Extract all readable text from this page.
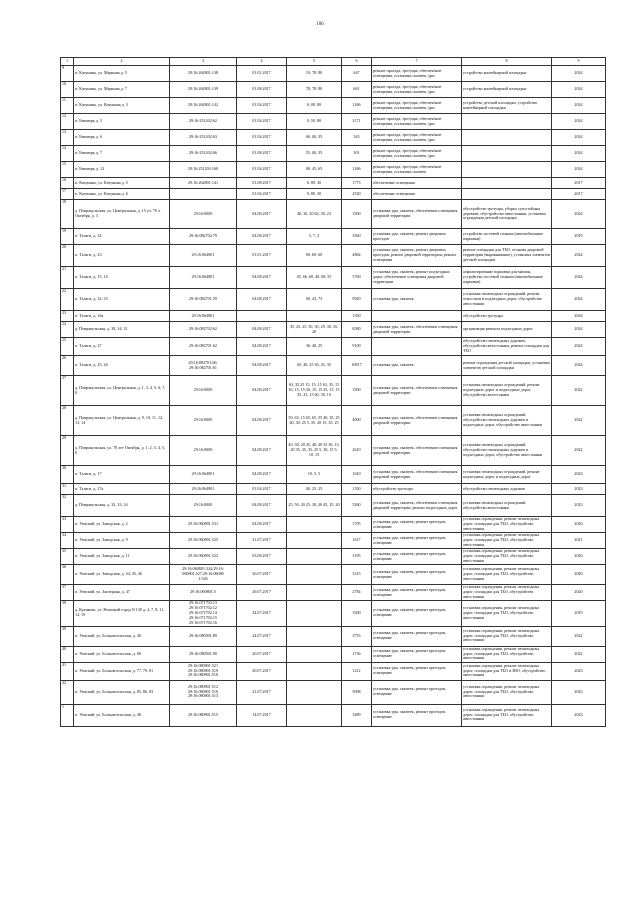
106
1	2	3	4	5	6	7	8	9
9	п. Катунино, ул. Марьина д. 5	29:16:264801:138	01.01.2017	10, 78, 80	647	ремонт проезда, тротуара, обеспечение освещения, установка скамеек, урн	устройство контейнерной площадки	2024
10	п. Катунино, ул. Марьина д. 7	29:16:264801:139	01.08.2017	78, 78, 80	661	ремонт проезда, тротуара, обеспечение освещения, установка скамеек, урн	устройство контейнерной площадки	2024
11	п. Катунино, ул. Катунина д. 3	29:16:264801:142	01.04.2017	0, 00, 80	1266	ремонт проезда, тротуара, обеспечение освещения, установка скамеек, урн	устройство детской площадки, устройство контейнерной площадки	2024
12	п. Бековерь д. 5	29:16:251202:62	01.04.2017	0, 50, 80	2171	ремонт проезда, тротуара, обеспечение освещения, установка скамеек, урн		2024
13	п. Бековерь д. 6	29:16:251202:63	01.04.2017	60, 00, 35	345	ремонт проезда, тротуара, обеспечение освещения, установка скамеек, урн		2024
14	п. Бековерь д. 7	29:16:251202:66	01.08.2017	55, 00, 35	301	ремонт проезда, тротуара, обеспечение освещения, установка скамеек, урн		2024
15	п. Бековерь д. 12	29:16:251203:160	01.04.2017	00, 45, 65	1266	ремонт проезда, тротуара, обеспечение освещения, установка скамеек		2024
16	п. Катунино, ул. Катунина д. 5	29:16:264801:141	01.08.2017	0, 80, 30	1773	обеспечение освещения		2017
17	п. Катунино, ул. Катунина д. 6		01.04.2017	0, 80, 30	2530	обеспечение освещения		2017
18	д. Повракульская, ул. Центральная, д. 15 ул. 70 л. Октября, д. 3	29:16:0000	04.08.2017	40, 30, 20 63, 30, 23	3300	установка урн, скамеек, обеспечение освещения дворовой территории	обустройство тротуара, уборка сухостойных деревьев, обустройство автостоянки, установка ограждения детской площадки	2024
19	п. Талаги, д. 34	29:16:082702:79	04.08.2017	5, 7, 3	3560	установка урн, скамеек, ремонт дворовых проездов	устройство гостевой стоянки (автомобильные парковки)	2019
20	п. Талаги, д. 23	29:16:064801	01.01.2017	00, 69, 60	4864	установка урн, скамеек, ремонт дворовых проездов, ремонт дворовой территории, ремонт освещения	ремонт площадки для ТБО, отсыпка дворовой территории (выравнивание), установка элементов детской площадки	2024
21	п. Талаги, д. 15, 16	29:16:064801	04.08.2017	45, 66, 60, 40, 68, 55	5760	установка урн, скамеек, ремонт подъездных дорог, обеспечение освещения дворовой территории	асфальтирование парковки для машин, устройство гостевой стоянки (автомобильные парковки)	2024
22	п. Талаги, д. 32, 33	29:16:082701:59	04.08.2017	00, 43, 73	9920	установка урн, скамеек	установка пешеходных ограждений, ремонт отмостков и подъездных дорог, обустройство автостоянки	2024
23	п. Талаги, д. 16а	29:16:064801			1350		обустройство тротуара	2024
24	д. Повракульская, д. 39, 34, 31	29:16:082702:62	04.08.2017	35, 25, 25, 50, 30, 29, 30, 35, 20	6580	установка урн, скамеек, обеспечение освещения дворовой территории	организация ремонта подъездных дорог	2024
25	п. Талаги, д. 27	29:16:082701:62	04.08.2017	36, 40, 25	9100		обустройство пешеходных дорожек, обустройство автостоянки, ремонт площадки для ТБО	2024
26	п. Талаги, д. 25, 26	29:16:082701:60;
29:16:082701:61	04.08.2017	65, 40, 25 30, 45, 35	10817	установка урн, скамеек	ремонт ограждения детской площадки, установка элементов детской площадки	2024
27	д. Повракульская, ул. Центральная, д. 1, 3, 4, 5, 6, 7, 8	29:16:0000	04.08.2017	63, 35,25 15, 15, 15 63, 35, 15 30, 15, 15 30, 15, 15 35, 15, 15 35, 25, 15 60, 30, 10	3300	установка урн, скамеек, обеспечение освещения дворовой территории	установка пешеходных ограждений, ремонт подъездных дорог и подъездных дорог, обустройство автостоянки	2022
28	д. Повракульская, ул. Центральная, д. 9, 10, 11, 12, 13, 14	29:16:0000	04.08.2017	50, 65, 15 65, 65, 55 40, 35, 25 40, 30, 25 5, 35, 20 15, 35, 25	4000	установка урн, скамеек, обеспечение освещения дворовой территории	установка пешеходных ограждений, обустройство пешеходных дорожек и подъездных дорог, обустройство автостоянки	2022
29	д. Повракульская, ул. 70 лет Октября, д. 1, 2, 3, 4, 5, 6	29:16:0000	04.08.2017	40, 30, 20 45, 40, 40 35 30, 15, 20 35, 35, 35, 25 5, 30, 15 5, 10, 15	2610	установка урн, скамеек, обеспечение освещения дворовой территории	установка пешеходных ограждений, обустройство пешеходных дорожек и подъездных дорог, обустройство автостоянки	2022
30	п. Талаги, д. 17	29:16:064801	04.08.2017	10, 5, 5	1610	установка урн, скамеек, обеспечение освещения дворовой территории	установка пешеходных ограждений, ремонт подъездных дорог и подъездных дорог	2023
31	п. Талаги, д. 27а	29:16:064801	01.04.2017	40, 25, 25	1350	обустройство тротуара	обустройство пешеходных дорожек	2023
32	д. Повракульская, д. 32, 33, 34	29:16:0000	04.08.2017	25, 50, 20 25, 30, 20 45, 25, 20	5260	установка урн, скамеек, обеспечение освещения дворовой территории, ремонт подъездных дорог	установка пешеходных ограждений, обустройство автостоянки	2023
33	п. Уемский, ул. Заводская, д. 2	29:16:060801:531	04.08.2017		1705	установка урн, скамеек, ремонт проездов, освещение	установка ограждения, ремонт пешеходных дорог, площадки для ТБО, обустройство автостоянки	2020
34	п. Уемский, ул. Заводская, д. 9	29:16:060801:525	31.07.2017		1617	установка урн, скамеек, ремонт проездов, освещение	установка ограждения, ремонт пешеходных дорог, площадки для ТБО, обустройство автостоянки	2021
35	п. Уемский, ул. Заводская, д. 11	29:16:060801:522	03.08.2017		3195	установка урн, скамеек, ремонт проездов, освещение	установка ограждения, ремонт пешеходных дорог, площадки для ТБО, обустройство автостоянки	2020
36	п. Уемский, ул. Заводская, д. 44, 45, 46	29:16:060801:524;29:16:
060801:527;29:16:06080
1:526	26.07.2017		3315	установка урн, скамеек, ремонт проездов, освещение	установка ограждения, ремонт пешеходных дорог, площадки для ТБО, обустройство автостоянки	2020
37	п. Уемский, ул. Заозерная, д. 47	29:16:060801:5	26.07.2017		2784	установка урн, скамеек, ремонт проездов, освещение	установка ограждения, ремонт пешеходных дорог, площадки для ТБО, обустройство автостоянки	2020
38	д. Куликово, ул. Вешеный город N 130 д. 4, 7, 8, 11, 14, 19	29:16:071702:13
29:16:071702:12
29:16:071702:14
29:16:071702:15
29:16:071702:16	24.07.2017		3300	установка урн, скамеек, ремонт проездов, освещение	установка ограждения, ремонт пешеходных дорог, площадки для ТБО, обустройство автостоянки	2019
39	п. Уемский, ул. Большесельская, д. 40	29:16:080501:89	24.07.2017		3753	установка урн, скамеек, ремонт проездов, освещение	установка ограждения, ремонт пешеходных дорог, площадки для ТБО, обустройство автостоянки	2022
40	п. Уемский, ул. Большесельская, д. 68	29:16:080501:90	20.07.2017		1736	установка урн, скамеек, ремонт проездов, освещение	установка ограждения, ремонт пешеходных дорог, площадки для ТБО, обустройство автостоянки	2022
41	п. Уемский, ул. Большесельская, д. 77, 79, 81	29:16:080801:521
29:16:080801:519
29:16:080801:518	20.07.2017		1212	установка урн, скамеек, ремонт проездов, освещение	установка ограждения, ремонт пешеходных дорог, площадки для ТБО и ЗВО, обустройство автостоянки	2023
42	п. Уемский, ул. Большесельская, д. 85, 86, 83	29:16:080801:512
29:16:080801:516
29:16:080801:513	21.07.2017		5098	установка урн, скамеек, ремонт проездов, освещение	установка ограждения, ремонт пешеходных дорог, площадки для ТБО, обустройство автостоянки	2023
1	п. Уемский, ул. Большесельская, д. 48	29:16:080801:515	14.07.2017		3489	установка урн, скамеек, ремонт проездов, освещение	установка ограждения, ремонт пешеходных дорог, площадки для ТБО, обустройство автостоянки	2023
